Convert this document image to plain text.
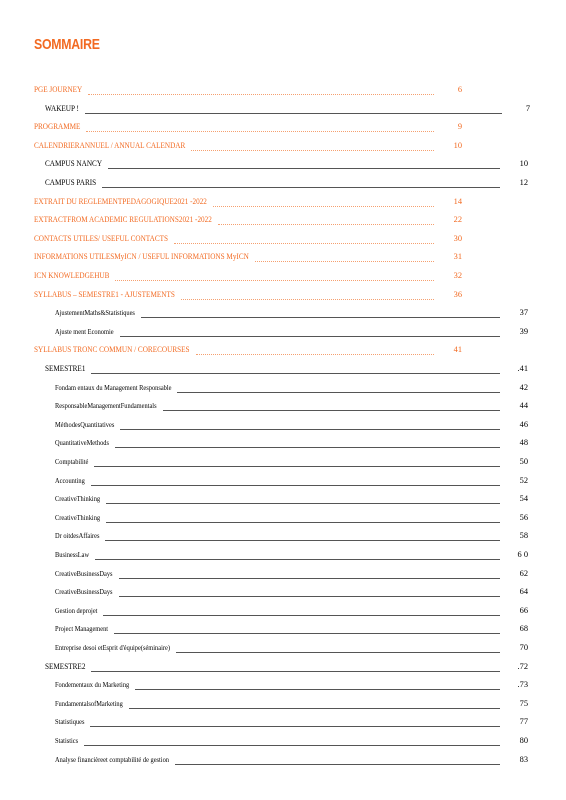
SOMMAIRE
PGE JOURNEY	6
WAKEUP !	7
PROGRAMME	9
CALENDRIERANNUEL / ANNUAL CALENDAR	10
CAMPUS NANCY	10
CAMPUS PARIS	12
EXTRAIT DU REGLEMENTPEDAGOGIQUE2021 -2022	14
EXTRACTFROM ACADEMIC REGULATIONS2021 -2022	22
CONTACTS UTILES/ USEFUL CONTACTS	30
INFORMATIONS UTILESMyICN / USEFUL INFORMATIONS MyICN	31
ICN KNOWLEDGEHUB	32
SYLLABUS – SEMESTRE1 - AJUSTEMENTS	36
AjustementMaths&Statistiques	37
Ajuste ment Economie	39
SYLLABUS TRONC COMMUN / CORECOURSES	41
SEMESTRE1	.41
Fondam entaux du Management Responsable	42
ResponsableManagementFundamentals	44
MéthodesQuantitatives	46
QuantitativeMethods	48
Comptabilité	50
Accounting	52
CreativeThinking	54
CreativeThinking	56
Dr oitdesAffaires	58
BusinessLaw	6 0
CreativeBusinessDays	62
CreativeBusinessDays	64
Gestion deprojet	66
Project Management	68
Entreprise desoi etEsprit d'équipe(séminaire)	70
SEMESTRE2	.72
Fondementaux du Marketing	.73
FundamentalsofMarketing	75
Statistiques	77
Statistics	80
Analyse financièreet comptabilité de gestion	83
